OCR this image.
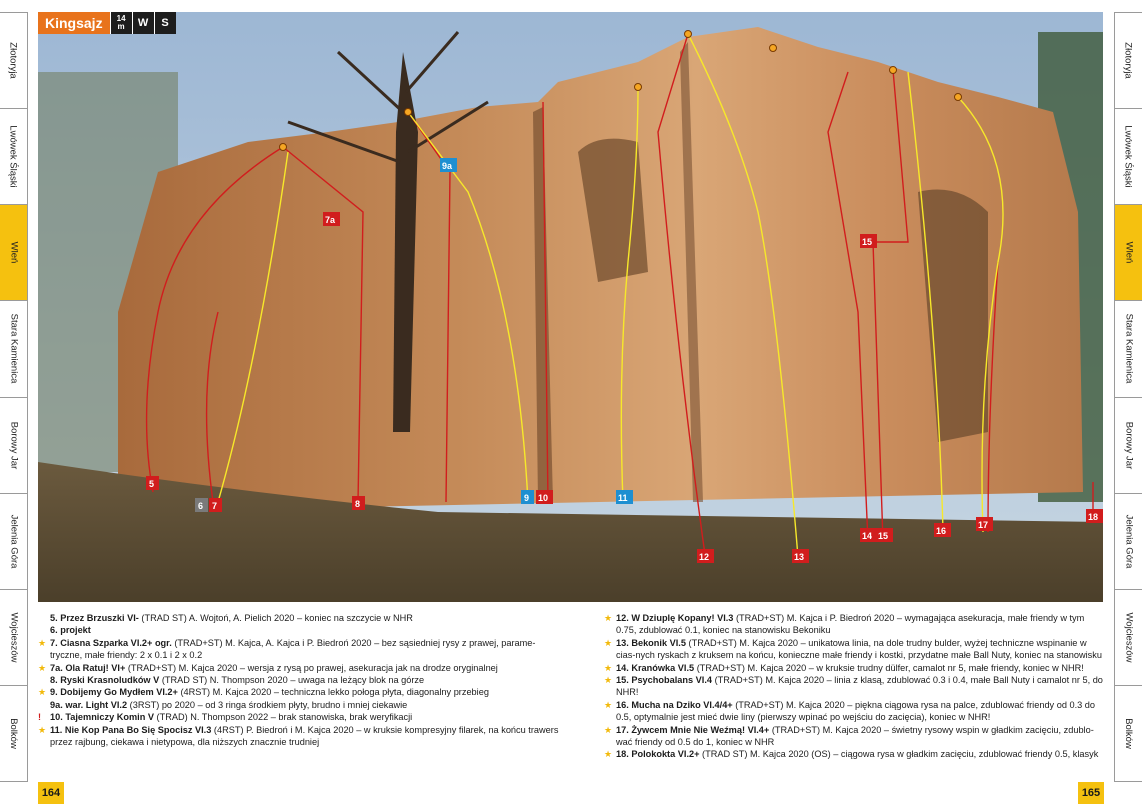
Złotoryja
Lwówek Śląski
Wleń
Stara Kamienica
Borowy Jar
Jelenia Góra
Wojcieszów
Bolków
Złotoryja
Lwówek Śląski
Wleń
Stara Kamienica
Borowy Jar
Jelenia Góra
Wojcieszów
Bolków
5
6 7
7a
8
9a
9 10	11
12	13
14 15
15
16
17
18
Kingsajz	14
m	W	S
5. Przez Brzuszki VI- (TRAD ST) A. Wojtoń, A. Pielich 2020 – koniec na szczycie w NHR
6. projekt
★ 7. Ciasna Szparka VI.2+ ogr. (TRAD+ST) M. Kajca, A. Kajca i P. Biedroń 2020 – bez sąsiedniej rysy z prawej, parame-tryczne, małe friendy: 2 x 0.1 i 2 x 0.2
★ 7a. Ola Ratuj! VI+ (TRAD+ST) M. Kajca 2020 – wersja z rysą po prawej, asekuracja jak na drodze oryginalnej
8. Ryski Krasnoludków V (TRAD ST) N. Thompson 2020 – uwaga na leżący blok na górze
★ 9. Dobijemy Go Mydłem VI.2+ (4RST) M. Kajca 2020 – techniczna lekko połoga płyta, diagonalny przebieg
9a. war. Light VI.2 (3RST) po 2020 – od 3 ringa środkiem płyty, brudno i mniej ciekawie
! 10. Tajemniczy Komin V (TRAD) N. Thompson 2022 – brak stanowiska, brak weryfikacji
★ 11. Nie Kop Pana Bo Się Spocisz VI.3 (4RST) P. Biedroń i M. Kajca 2020 – w kruksie kompresyjny filarek, na końcu trawers przez rajbung, ciekawa i nietypowa, dla niższych znacznie trudniej
★ 12. W Dziuplę Kopany! VI.3 (TRAD+ST) M. Kajca i P. Biedroń 2020 – wymagająca asekuracja, małe friendy w tym 0.75, zdublować 0.1, koniec na stanowisku Bekoniku
★ 13. Bekonik VI.5 (TRAD+ST) M. Kajca 2020 – unikatowa linia, na dole trudny bulder, wyżej techniczne wspinanie w cias-nych ryskach z kruksem na końcu, konieczne małe friendy i kostki, przydatne małe Ball Nuty, koniec na stanowisku
★ 14. Kranówka VI.5 (TRAD+ST) M. Kajca 2020 – w kruksie trudny dülfer, camalot nr 5, małe friendy, koniec w NHR!
★ 15. Psychobalans VI.4 (TRAD+ST) M. Kajca 2020 – linia z klasą, zdublować 0.3 i 0.4, małe Ball Nuty i camalot nr 5, do NHR!
★ 16. Mucha na Dziko VI.4/4+ (TRAD+ST) M. Kajca 2020 – piękna ciągowa rysa na palce, zdublować friendy od 0.3 do 0.5, optymalnie jest mieć dwie liny (pierwszy wpinać po wejściu do zacięcia), koniec w NHR!
★ 17. Żywcem Mnie Nie Weźmą! VI.4+ (TRAD+ST) M. Kajca 2020 – świetny rysowy wspin w gładkim zacięciu, zdublo-wać friendy od 0.5 do 1, koniec w NHR
★ 18. Polokokta VI.2+ (TRAD ST) M. Kajca 2020 (OS) – ciągowa rysa w gładkim zacięciu, zdublować friendy 0.5, klasyk
164	165
